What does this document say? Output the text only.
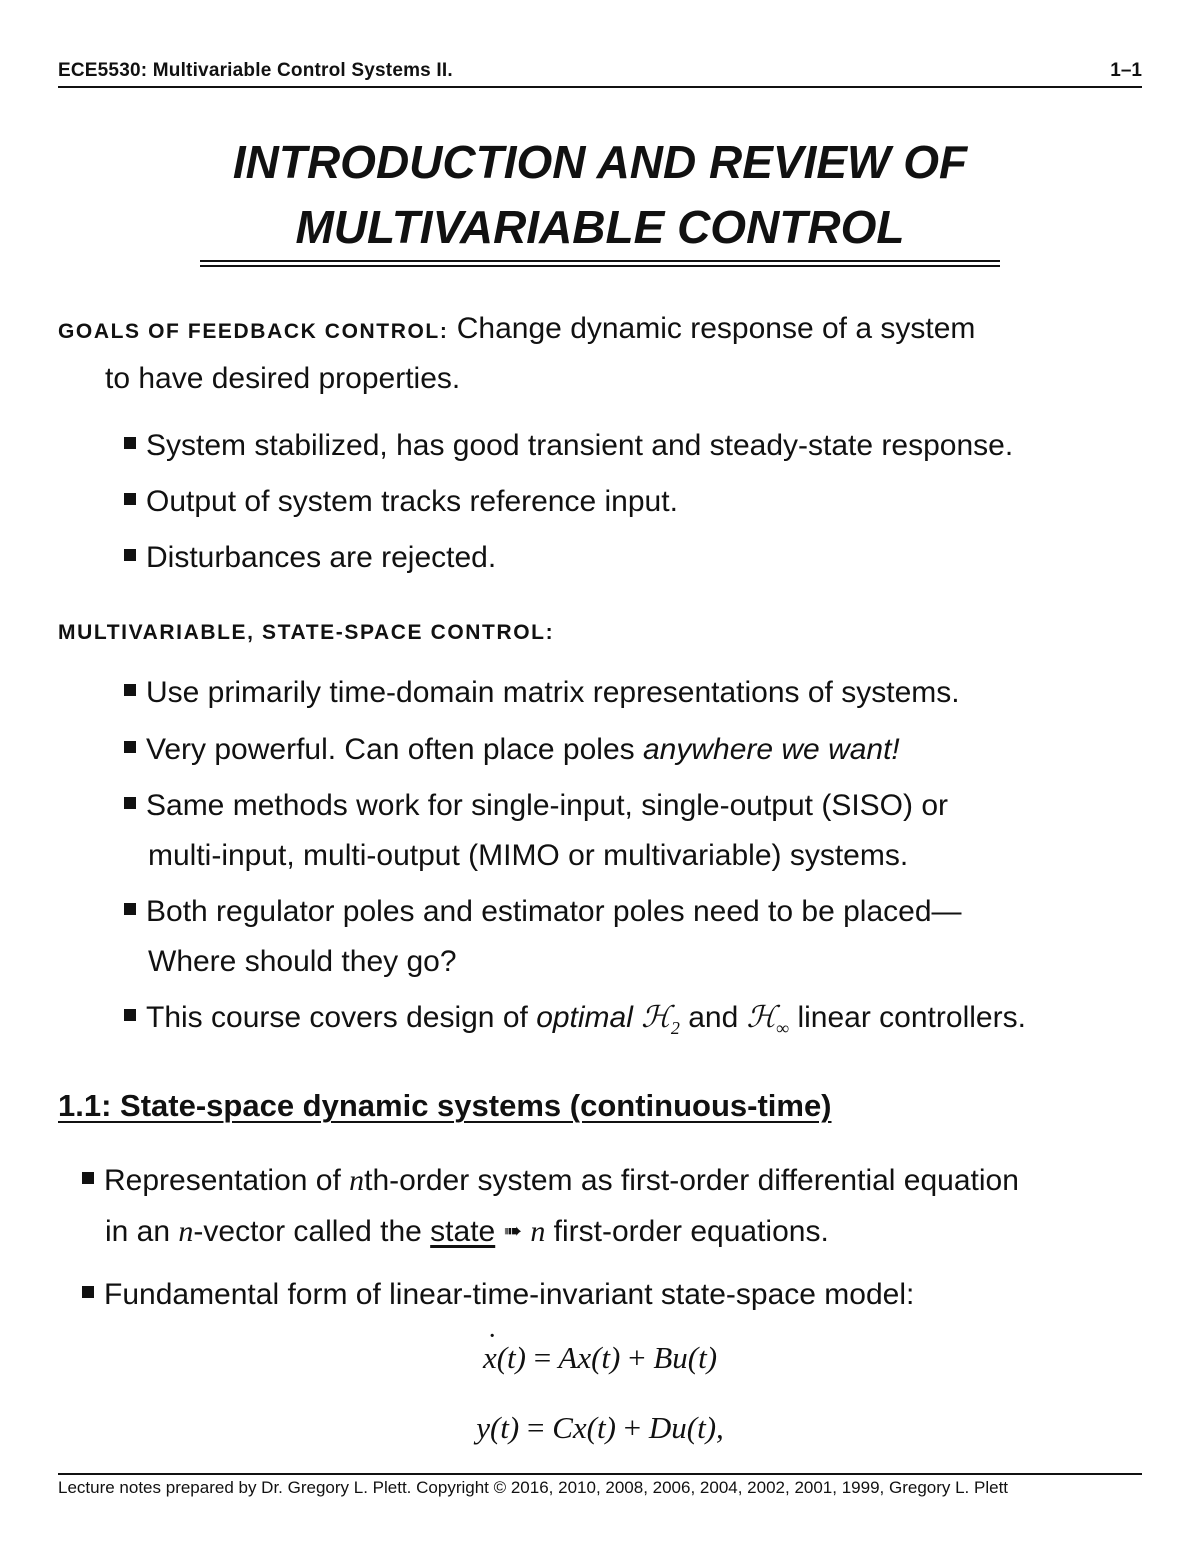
ECE5530: Multivariable Control Systems II.	1–1
INTRODUCTION AND REVIEW OF
MULTIVARIABLE CONTROL
GOALS OF FEEDBACK CONTROL: Change dynamic response of a system
to have desired properties.
System stabilized, has good transient and steady-state response.
Output of system tracks reference input.
Disturbances are rejected.
MULTIVARIABLE, STATE-SPACE CONTROL:
Use primarily time-domain matrix representations of systems.
Very powerful. Can often place poles anywhere we want!
Same methods work for single-input, single-output (SISO) or
multi-input, multi-output (MIMO or multivariable) systems.
Both regulator poles and estimator poles need to be placed—
Where should they go?
This course covers design of optimal ℋ$_2$ and ℋ$_\infty$ linear controllers.
1.1: State-space dynamic systems (continuous-time)
Representation of nth-order system as first-order differential equation
in an n-vector called the state ➠ n first-order equations.
Fundamental form of linear-time-invariant state-space model:
˙ x(t) = Ax(t) + Bu(t)
y(t) = Cx(t) + Du(t),
Lecture notes prepared by Dr. Gregory L. Plett. Copyright © 2016, 2010, 2008, 2006, 2004, 2002, 2001, 1999, Gregory L. Plett
